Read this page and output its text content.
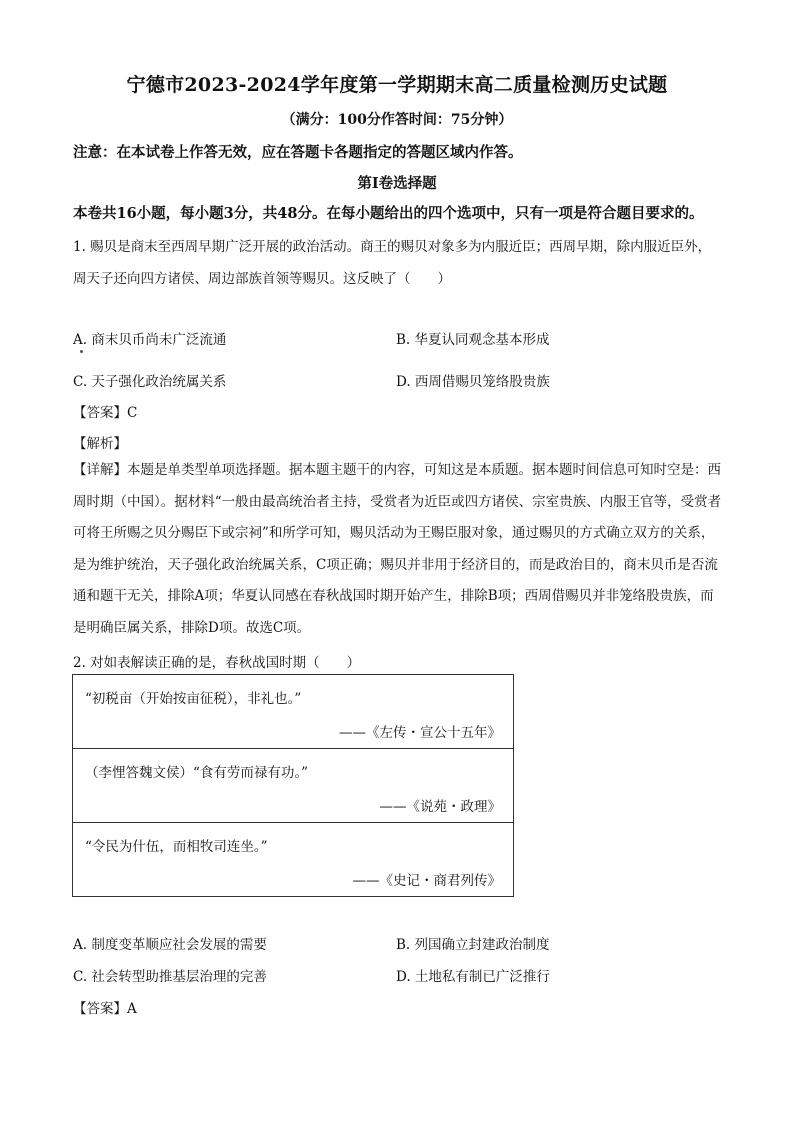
宁德市2023-2024学年度第一学期期末高二质量检测历史试题
（满分：100分作答时间：75分钟）
注意：在本试卷上作答无效，应在答题卡各题指定的答题区域内作答。
第Ⅰ卷选择题
本卷共16小题，每小题3分，共48分。在每小题给出的四个选项中，只有一项是符合题目要求的。
1. 赐贝是商末至西周早期广泛开展的政治活动。商王的赐贝对象多为内服近臣；西周早期，除内服近臣外，周天子还向四方诸侯、周边部族首领等赐贝。这反映了（　　）
A. 商末贝币尚未广泛流通	B. 华夏认同观念基本形成
C. 天子强化政治统属关系	D. 西周借赐贝笼络股贵族
【答案】C
【解析】
【详解】本题是单类型单项选择题。据本题主题干的内容，可知这是本质题。据本题时间信息可知时空是：西周时期（中国）。据材料“一般由最高统治者主持，受赏者为近臣或四方诸侯、宗室贵族、内服王官等，受赏者可将王所赐之贝分赐臣下或宗祠”和所学可知，赐贝活动为王赐臣服对象，通过赐贝的方式确立双方的关系，是为维护统治，天子强化政治统属关系，C项正确；赐贝并非用于经济目的，而是政治目的，商末贝币是否流通和题干无关，排除A项；华夏认同感在春秋战国时期开始产生，排除B项；西周借赐贝并非笼络股贵族，而是明确臣属关系，排除D项。故选C项。
2. 对如表解读正确的是，春秋战国时期（　　）
“初税亩（开始按亩征税），非礼也。”
——《左传・宣公十五年》

（李悝答魏文侯）“食有劳而禄有功。”
——《说苑・政理》

“令民为什伍，而相牧司连坐。”
——《史记・商君列传》
A. 制度变革顺应社会发展的需要	B. 列国确立封建政治制度
C. 社会转型助推基层治理的完善	D. 土地私有制已广泛推行
【答案】A
